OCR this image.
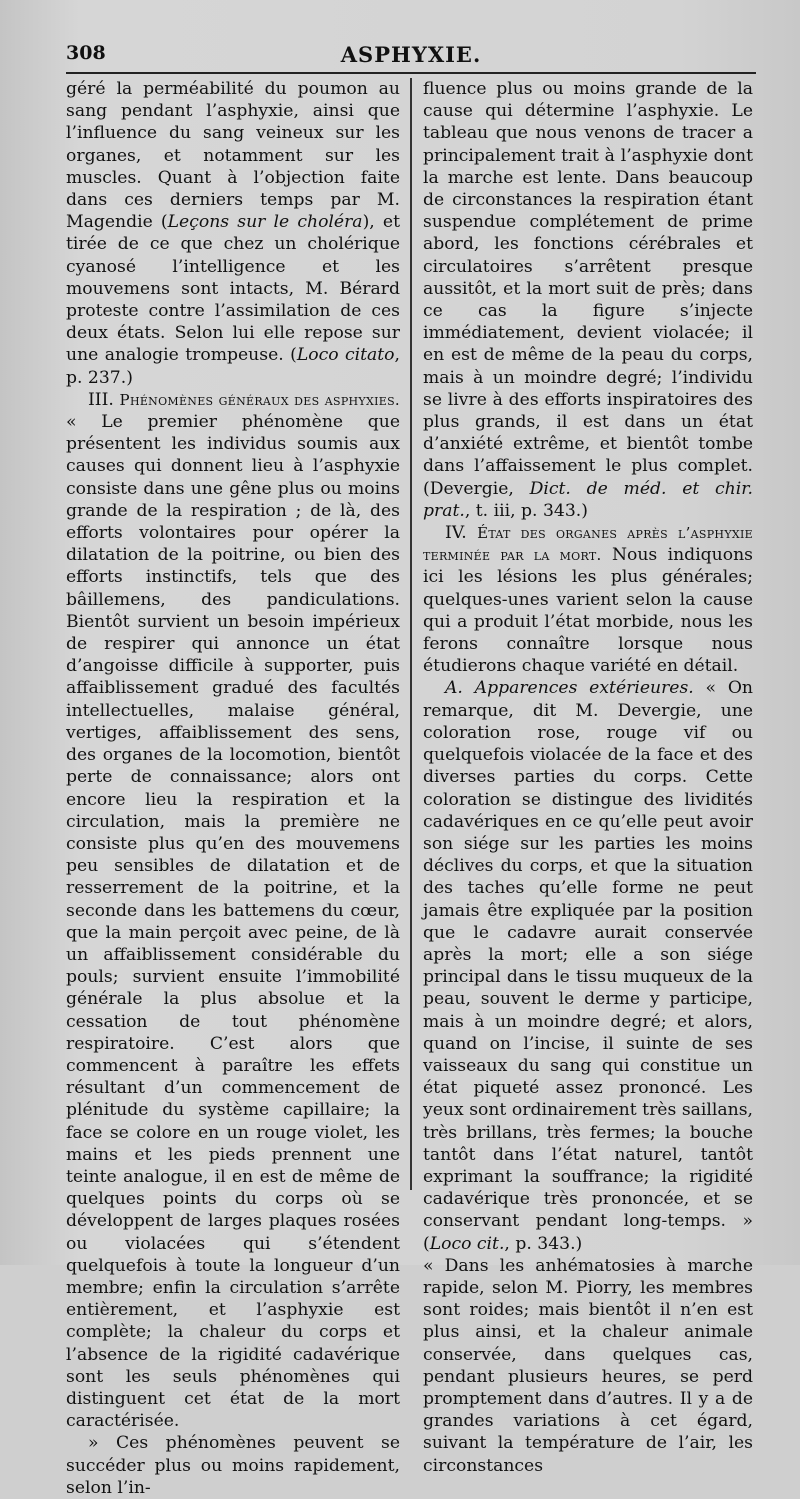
308	ASPHYXIE.

géré la perméabilité du poumon au sang pendant l’asphyxie, ainsi que l’influence du sang veineux sur les organes, et notamment sur les muscles. Quant à l’objection faite dans ces derniers temps par M. Magendie (Leçons sur le choléra), et tirée de ce que chez un cholérique cyanosé l’intelligence et les mouvemens sont intacts, M. Bérard proteste contre l’assimilation de ces deux états. Selon lui elle repose sur une analogie trompeuse. (Loco citato, p. 237.)

III. Phénomènes généraux des asphyxies. « Le premier phénomène que présentent les individus soumis aux causes qui donnent lieu à l’asphyxie consiste dans une gêne plus ou moins grande de la respiration ; de là, des efforts volontaires pour opérer la dilatation de la poitrine, ou bien des efforts instinctifs, tels que des bâillemens, des pandiculations. Bientôt survient un besoin impérieux de respirer qui annonce un état d’angoisse difficile à supporter, puis affaiblissement gradué des facultés intellectuelles, malaise général, vertiges, affaiblissement des sens, des organes de la locomotion, bientôt perte de connaissance; alors ont encore lieu la respiration et la circulation, mais la première ne consiste plus qu’en des mouvemens peu sensibles de dilatation et de resserrement de la poitrine, et la seconde dans les battemens du cœur, que la main perçoit avec peine, de là un affaiblissement considérable du pouls; survient ensuite l’immobilité générale la plus absolue et la cessation de tout phénomène respiratoire. C’est alors que commencent à paraître les effets résultant d’un commencement de plénitude du système capillaire; la face se colore en un rouge violet, les mains et les pieds prennent une teinte analogue, il en est de même de quelques points du corps où se développent de larges plaques rosées ou violacées qui s’étendent quelquefois à toute la longueur d’un membre; enfin la circulation s’arrête entièrement, et l’asphyxie est complète; la chaleur du corps et l’absence de la rigidité cadavérique sont les seuls phénomènes qui distinguent cet état de la mort caractérisée.

» Ces phénomènes peuvent se succéder plus ou moins rapidement, selon l’in-

fluence plus ou moins grande de la cause qui détermine l’asphyxie. Le tableau que nous venons de tracer a principalement trait à l’asphyxie dont la marche est lente. Dans beaucoup de circonstances la respiration étant suspendue complétement de prime abord, les fonctions cérébrales et circulatoires s’arrêtent presque aussitôt, et la mort suit de près; dans ce cas la figure s’injecte immédiatement, devient violacée; il en est de même de la peau du corps, mais à un moindre degré; l’individu se livre à des efforts inspiratoires des plus grands, il est dans un état d’anxiété extrême, et bientôt tombe dans l’affaissement le plus complet. (Devergie, Dict. de méd. et chir. prat., t. iii, p. 343.)

IV. État des organes après l’asphyxie terminée par la mort. Nous indiquons ici les lésions les plus générales; quelques-unes varient selon la cause qui a produit l’état morbide, nous les ferons connaître lorsque nous étudierons chaque variété en détail.

A. Apparences extérieures. « On remarque, dit M. Devergie, une coloration rose, rouge vif ou quelquefois violacée de la face et des diverses parties du corps. Cette coloration se distingue des lividités cadavériques en ce qu’elle peut avoir son siége sur les parties les moins déclives du corps, et que la situation des taches qu’elle forme ne peut jamais être expliquée par la position que le cadavre aurait conservée après la mort; elle a son siége principal dans le tissu muqueux de la peau, souvent le derme y participe, mais à un moindre degré; et alors, quand on l’incise, il suinte de ses vaisseaux du sang qui constitue un état piqueté assez prononcé. Les yeux sont ordinairement très saillans, très brillans, très fermes; la bouche tantôt dans l’état naturel, tantôt exprimant la souffrance; la rigidité cadavérique très prononcée, et se conservant pendant long-temps. » (Loco cit., p. 343.)

« Dans les anhématosies à marche rapide, selon M. Piorry, les membres sont roides; mais bientôt il n’en est plus ainsi, et la chaleur animale conservée, dans quelques cas, pendant plusieurs heures, se perd promptement dans d’autres. Il y a de grandes variations à cet égard, suivant la température de l’air, les circonstances
